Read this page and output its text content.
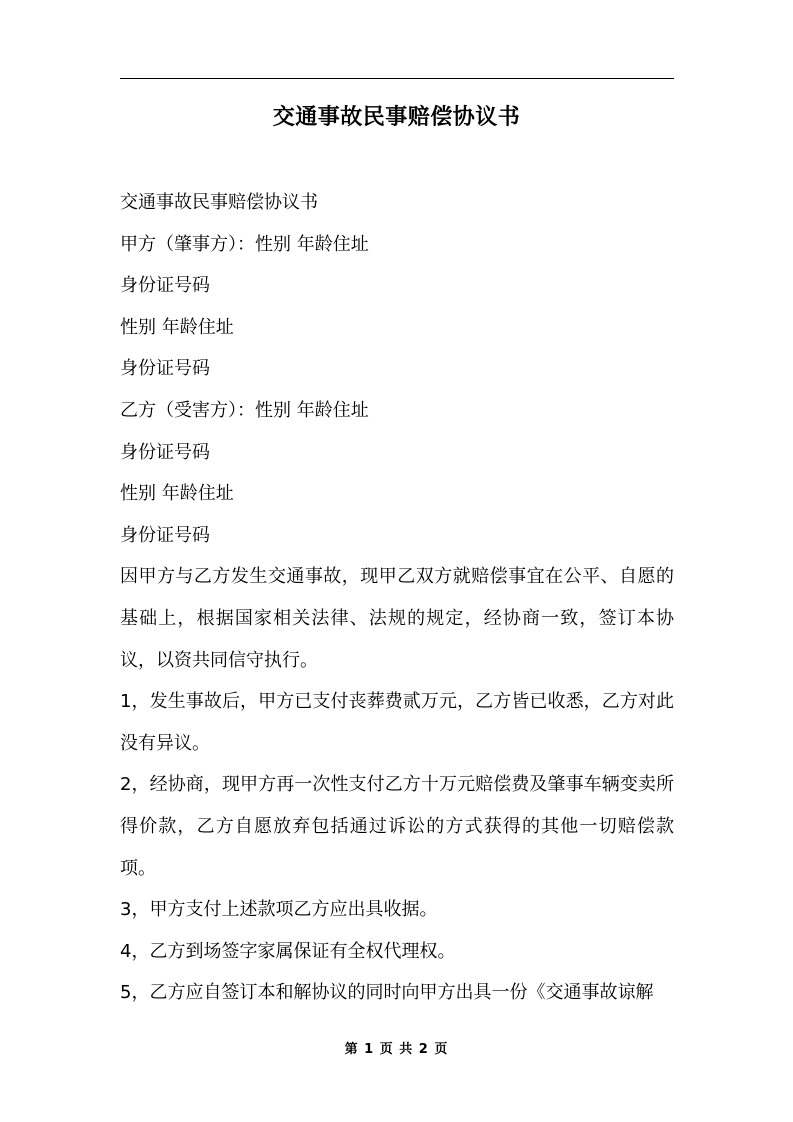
交通事故民事赔偿协议书

交通事故民事赔偿协议书

甲方（肇事方）：性别 年龄住址

身份证号码

性别 年龄住址

身份证号码

乙方（受害方）：性别 年龄住址

身份证号码

性别 年龄住址

身份证号码

因甲方与乙方发生交通事故，现甲乙双方就赔偿事宜在公平、自愿的基础上，根据国家相关法律、法规的规定，经协商一致，签订本协议，以资共同信守执行。

1，发生事故后，甲方已支付丧葬费贰万元，乙方皆已收悉，乙方对此没有异议。

2，经协商，现甲方再一次性支付乙方十万元赔偿费及肇事车辆变卖所得价款，乙方自愿放弃包括通过诉讼的方式获得的其他一切赔偿款项。

3，甲方支付上述款项乙方应出具收据。

4，乙方到场签字家属保证有全权代理权。

5，乙方应自签订本和解协议的同时向甲方出具一份《交通事故谅解

第 1 页 共 2 页
